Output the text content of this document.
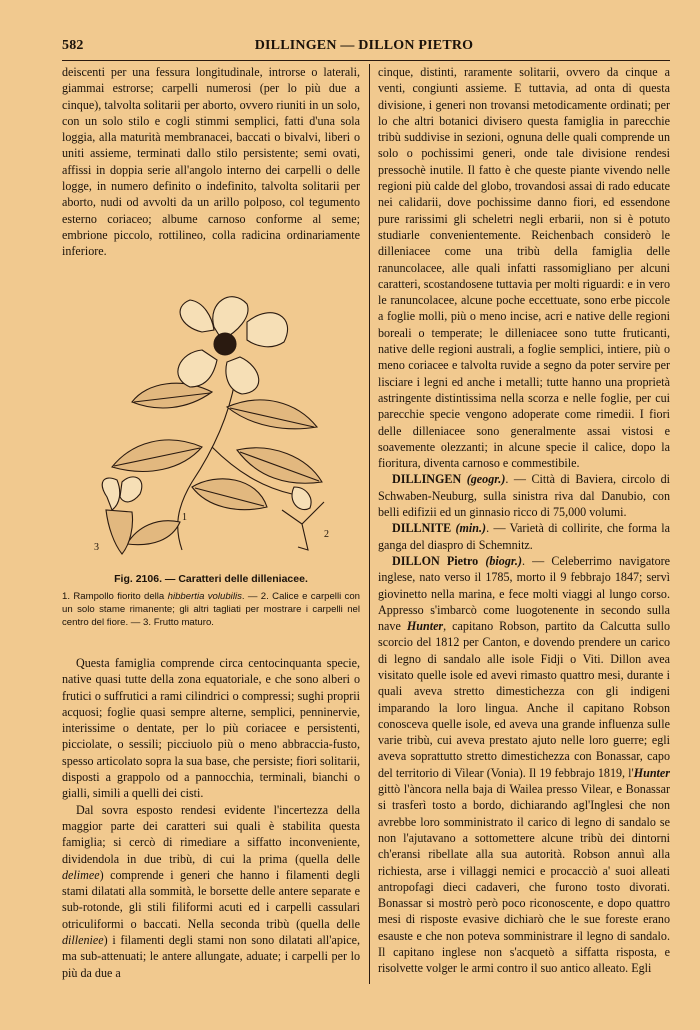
582	DILLINGEN — DILLON PIETRO

deiscenti per una fessura longitudinale, introrse o laterali, giammai estrorse; carpelli numerosi (per lo più due a cinque), talvolta solitarii per aborto, ovvero riuniti in un solo, con un solo stilo e cogli stimmi semplici, fatti d'una sola loggia, alla maturità membranacei, baccati o bivalvi, liberi o uniti assieme, terminati dallo stilo persistente; semi ovati, affissi in doppia serie all'angolo interno dei carpelli o delle logge, in numero definito o indefinito, talvolta solitarii per aborto, nudi od avvolti da un arillo polposo, col tegumento esterno coriaceo; albume carnoso conforme al seme; embrione piccolo, rottilineo, colla radicina ordinariamente inferiore.

1
2
3
Fig. 2106. — Caratteri delle dilleniacee.
1. Rampollo fiorito della hibbertia volubilis. — 2. Calice e carpelli con un solo stame rimanente; gli altri tagliati per mostrare i carpelli nel centro del fiore. — 3. Frutto maturo.

Questa famiglia comprende circa centocinquanta specie, native quasi tutte della zona equatoriale, e che sono alberi o frutici o suffrutici a rami cilindrici o compressi; sughi proprii acquosi; foglie quasi sempre alterne, semplici, penninervie, interissime o dentate, per lo più coriacee e persistenti, picciolate, o sessili; picciuolo più o meno abbraccia-fusto, spesso articolato sopra la sua base, che persiste; fiori solitarii, disposti a grappolo od a pannocchia, terminali, bianchi o gialli, simili a quelli dei cisti.

Dal sovra esposto rendesi evidente l'incertezza della maggior parte dei caratteri sui quali è stabilita questa famiglia; si cercò di rimediare a siffatto inconveniente, dividendola in due tribù, di cui la prima (quella delle delimee) comprende i generi che hanno i filamenti degli stami dilatati alla sommità, le borsette delle antere separate e sub-rotonde, gli stili filiformi acuti ed i carpelli cassulari otriculiformi o baccati. Nella seconda tribù (quella delle dilleniee) i filamenti degli stami non sono dilatati all'apice, ma sub-attenuati; le antere allungate, aduate; i carpelli per lo più da due a

cinque, distinti, raramente solitarii, ovvero da cinque a venti, congiunti assieme. E tuttavia, ad onta di questa divisione, i generi non trovansi metodicamente ordinati; per lo che altri botanici divisero questa famiglia in parecchie tribù suddivise in sezioni, ognuna delle quali comprende un solo o pochissimi generi, onde tale divisione rendesi pressochè inutile. Il fatto è che queste piante vivendo nelle regioni più calde del globo, trovandosi assai di rado educate nei calidarii, dove pochissime danno fiori, ed essendone pure rarissimi gli scheletri negli erbarii, non si è potuto studiarle convenientemente. Reichenbach considerò le dilleniacee come una tribù della famiglia delle ranuncolacee, alle quali infatti rassomigliano per alcuni caratteri, scostandosene tuttavia per molti riguardi: e in vero le ranuncolacee, alcune poche eccettuate, sono erbe piccole a foglie molli, più o meno incise, acri e native delle regioni boreali o temperate; le dilleniacee sono tutte fruticanti, native delle regioni australi, a foglie semplici, intiere, più o meno coriacee e talvolta ruvide a segno da poter servire per lisciare i legni ed anche i metalli; tutte hanno una proprietà astringente distintissima nella scorza e nelle foglie, per cui parecchie specie vengono adoperate come rimedii. I fiori delle dilleniacee sono generalmente assai vistosi e soavemente olezzanti; in alcune specie il calice, dopo la fioritura, diventa carnoso e commestibile.

DILLINGEN (geogr.). — Città di Baviera, circolo di Schwaben-Neuburg, sulla sinistra riva dal Danubio, con belli edifizii ed un ginnasio ricco di 75,000 volumi.

DILLNITE (min.). — Varietà di collirite, che forma la ganga del diaspro di Schemnitz.

DILLON Pietro (biogr.). — Celeberrimo navigatore inglese, nato verso il 1785, morto il 9 febbrajo 1847; servì giovinetto nella marina, e fece molti viaggi al lungo corso. Appresso s'imbarcò come luogotenente in secondo sulla nave Hunter, capitano Robson, partito da Calcutta sullo scorcio del 1812 per Canton, e dovendo prendere un carico di legno di sandalo alle isole Fidji o Viti. Dillon avea visitato quelle isole ed avevi rimasto quattro mesi, durante i quali aveva stretto dimestichezza con gli indigeni imparando la loro lingua. Anche il capitano Robson conosceva quelle isole, ed aveva una grande influenza sulle varie tribù, cui aveva prestato ajuto nelle loro guerre; egli aveva soprattutto stretto dimestichezza con Bonassar, capo del territorio di Vilear (Vonia). Il 19 febbrajo 1819, l'Hunter gittò l'àncora nella baja di Wailea presso Vilear, e Bonassar si trasferì tosto a bordo, dichiarando agl'Inglesi che non avrebbe loro somministrato il carico di legno di sandalo se non l'ajutavano a sottomettere alcune tribù dei dintorni ch'eransi ribellate alla sua autorità. Robson annuì alla richiesta, arse i villaggi nemici e procacciò a' suoi alleati antropofagi dieci cadaveri, che furono tosto divorati. Bonassar si mostrò però poco riconoscente, e dopo quattro mesi di risposte evasive dichiarò che le sue foreste erano esauste e che non poteva somministrare il legno di sandalo. Il capitano inglese non s'acquetò a siffatta risposta, e risolvette volger le armi contro il suo antico alleato. Egli
